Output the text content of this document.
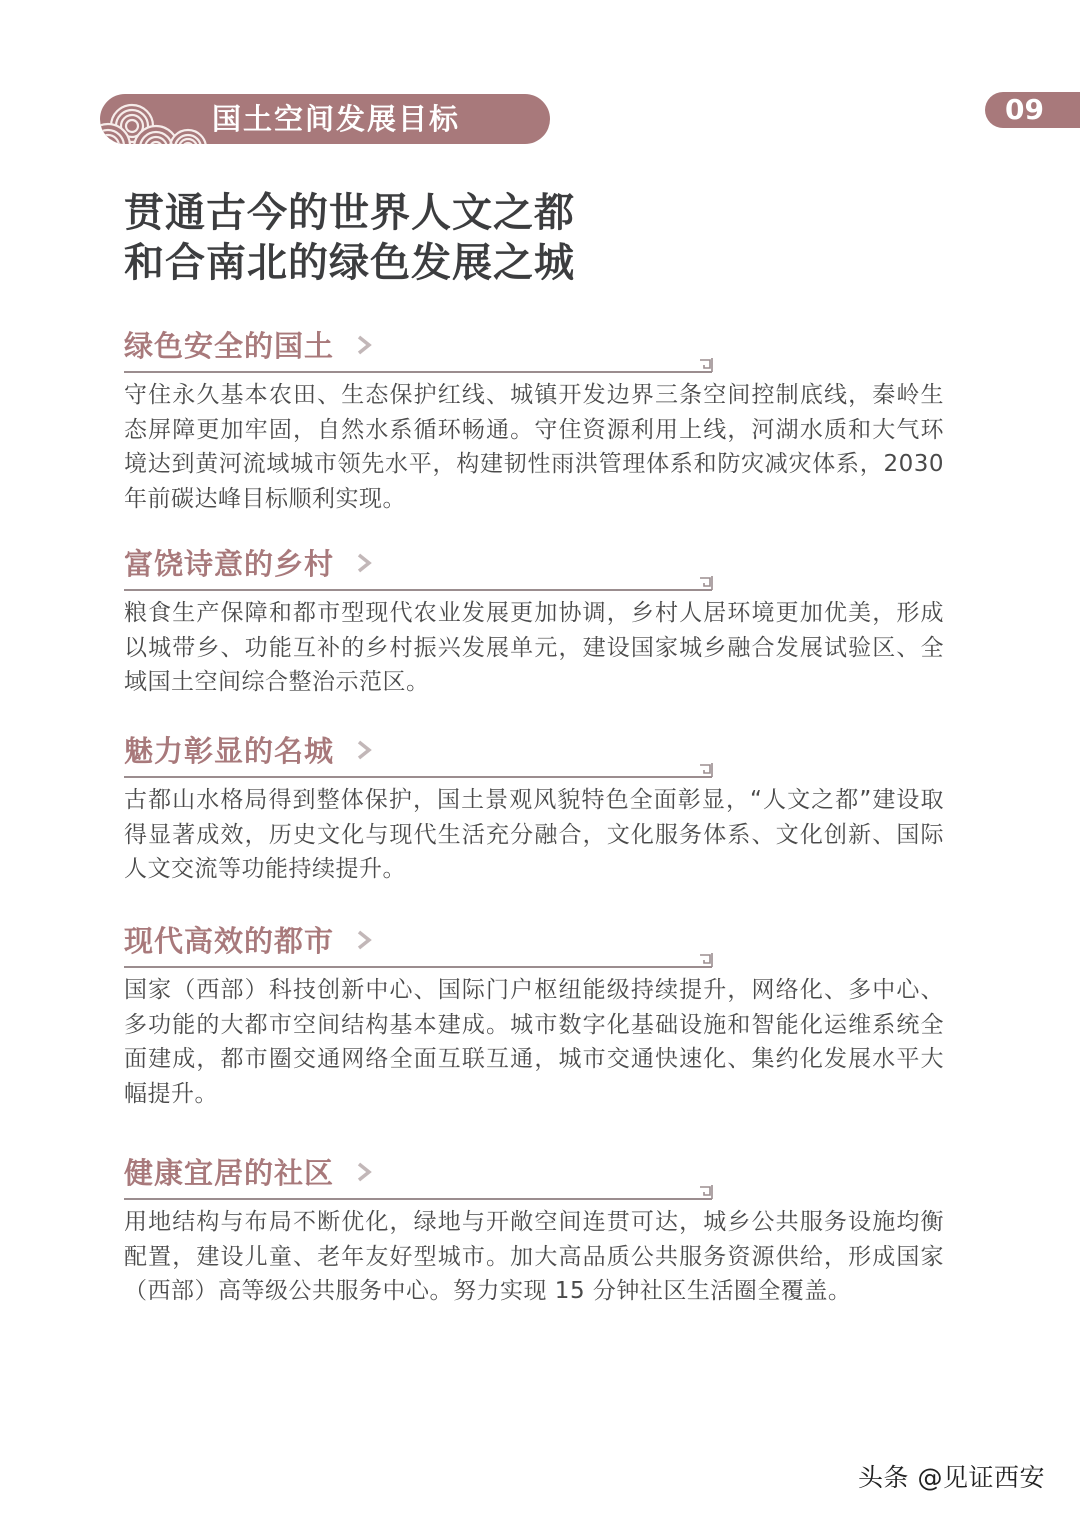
国土空间发展目标	09
贯通古今的世界人文之都
和合南北的绿色发展之城
绿色安全的国土

守住永久基本农田、生态保护红线、城镇开发边界三条空间控制底线，秦岭生态屏障更加牢固，自然水系循环畅通。守住资源利用上线，河湖水质和大气环境达到黄河流域城市领先水平，构建韧性雨洪管理体系和防灾减灾体系，2030 年前碳达峰目标顺利实现。

富饶诗意的乡村

粮食生产保障和都市型现代农业发展更加协调，乡村人居环境更加优美，形成以城带乡、功能互补的乡村振兴发展单元，建设国家城乡融合发展试验区、全域国土空间综合整治示范区。

魅力彰显的名城

古都山水格局得到整体保护，国土景观风貌特色全面彰显，“人文之都”建设取得显著成效，历史文化与现代生活充分融合，文化服务体系、文化创新、国际人文交流等功能持续提升。

现代高效的都市

国家（西部）科技创新中心、国际门户枢纽能级持续提升，网络化、多中心、多功能的大都市空间结构基本建成。城市数字化基础设施和智能化运维系统全面建成，都市圈交通网络全面互联互通，城市交通快速化、集约化发展水平大幅提升。

健康宜居的社区

用地结构与布局不断优化，绿地与开敞空间连贯可达，城乡公共服务设施均衡配置，建设儿童、老年友好型城市。加大高品质公共服务资源供给，形成国家（西部）高等级公共服务中心。努力实现 15 分钟社区生活圈全覆盖。

头条 @见证西安
